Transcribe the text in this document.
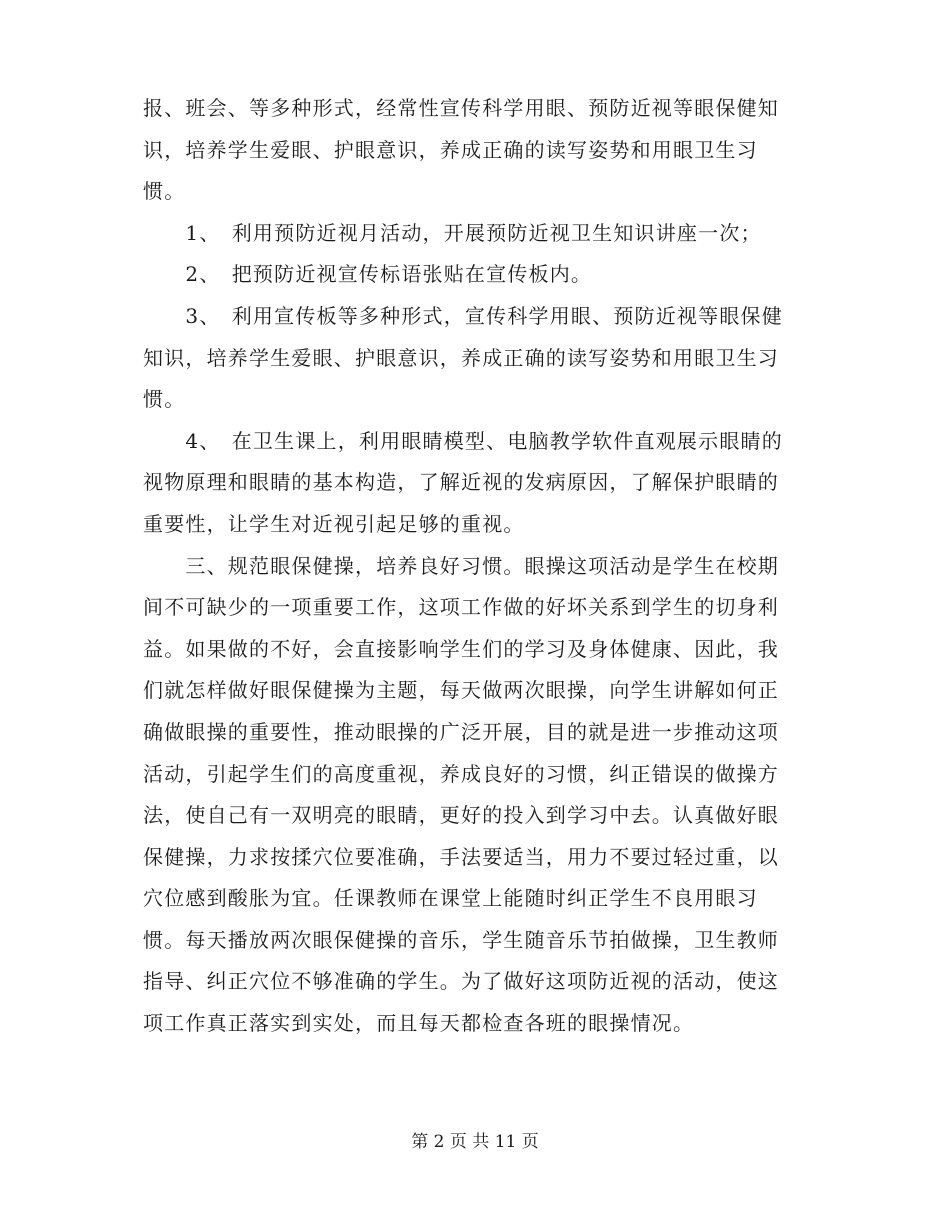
报、班会、等多种形式，经常性宣传科学用眼、预防近视等眼保健知
识，培养学生爱眼、护眼意识，养成正确的读写姿势和用眼卫生习
惯。
　　1、　利用预防近视月活动，开展预防近视卫生知识讲座一次；
　　2、　把预防近视宣传标语张贴在宣传板内。
　　3、　利用宣传板等多种形式，宣传科学用眼、预防近视等眼保健
知识，培养学生爱眼、护眼意识，养成正确的读写姿势和用眼卫生习
惯。
　　4、　在卫生课上，利用眼睛模型、电脑教学软件直观展示眼睛的
视物原理和眼睛的基本构造，了解近视的发病原因，了解保护眼睛的
重要性，让学生对近视引起足够的重视。
　　三、规范眼保健操，培养良好习惯。眼操这项活动是学生在校期
间不可缺少的一项重要工作，这项工作做的好坏关系到学生的切身利
益。如果做的不好，会直接影响学生们的学习及身体健康、因此，我
们就怎样做好眼保健操为主题，每天做两次眼操，向学生讲解如何正
确做眼操的重要性，推动眼操的广泛开展，目的就是进一步推动这项
活动，引起学生们的高度重视，养成良好的习惯，纠正错误的做操方
法，使自己有一双明亮的眼睛，更好的投入到学习中去。认真做好眼
保健操，力求按揉穴位要准确，手法要适当，用力不要过轻过重，以
穴位感到酸胀为宜。任课教师在课堂上能随时纠正学生不良用眼习
惯。每天播放两次眼保健操的音乐，学生随音乐节拍做操，卫生教师
指导、纠正穴位不够准确的学生。为了做好这项防近视的活动，使这
项工作真正落实到实处，而且每天都检查各班的眼操情况。
第 2 页 共 11 页
